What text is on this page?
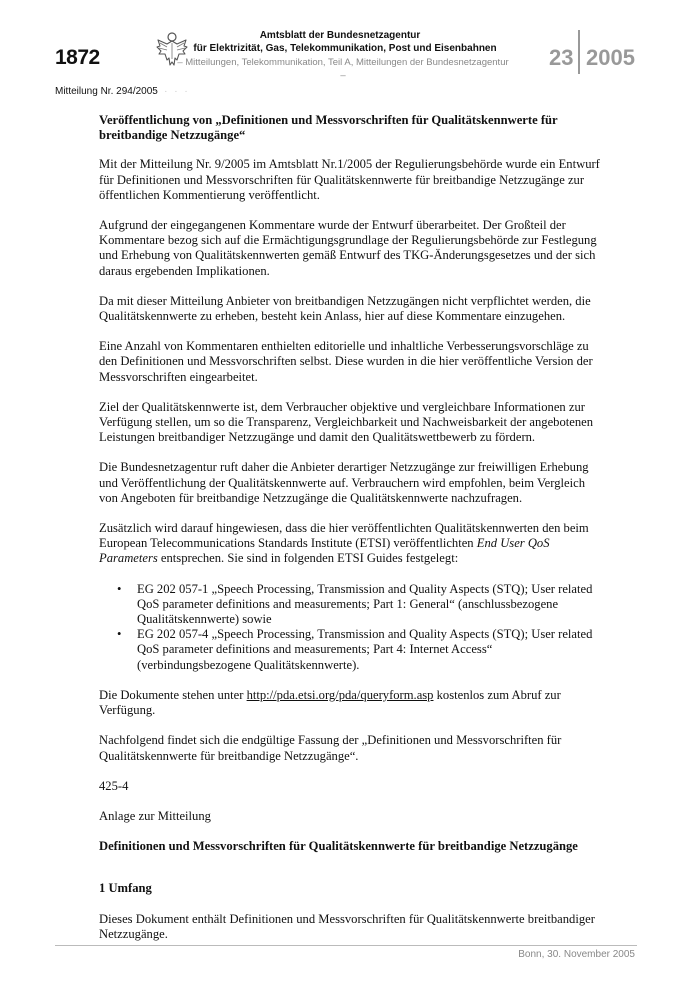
1872
Amtsblatt der Bundesnetzagentur
für Elektrizität, Gas, Telekommunikation, Post und Eisenbahnen
– Mitteilungen, Telekommunikation, Teil A, Mitteilungen der Bundesnetzagentur –
23 2005
Mitteilung Nr. 294/2005
· · · ·

Veröffentlichung von „Definitionen und Messvorschriften für Qualitätskennwerte für breitbandige Netzzugänge“

Mit der Mitteilung Nr. 9/2005 im Amtsblatt Nr.1/2005 der Regulierungsbehörde wurde ein Entwurf für Definitionen und Messvorschriften für Qualitätskennwerte für breitbandige Netzzugänge zur öffentlichen Kommentierung veröffentlicht.

Aufgrund der eingegangenen Kommentare wurde der Entwurf überarbeitet. Der Großteil der Kommentare bezog sich auf die Ermächtigungsgrundlage der Regulierungsbehörde zur Festlegung und Erhebung von Qualitätskennwerten gemäß Entwurf des TKG-Änderungsgesetzes und der sich daraus ergebenden Implikationen.

Da mit dieser Mitteilung Anbieter von breitbandigen Netzzugängen nicht verpflichtet werden, die Qualitätskennwerte zu erheben, besteht kein Anlass, hier auf diese Kommentare einzugehen.

Eine Anzahl von Kommentaren enthielten editorielle und inhaltliche Verbesserungsvorschläge zu den Definitionen und Messvorschriften selbst. Diese wurden in die hier veröffentliche Version der Messvorschriften eingearbeitet.

Ziel der Qualitätskennwerte ist, dem Verbraucher objektive und vergleichbare Informationen zur Verfügung stellen, um so die Transparenz, Vergleichbarkeit und Nachweisbarkeit der angebotenen Leistungen breitbandiger Netzzugänge und damit den Qualitätswettbewerb zu fördern.

Die Bundesnetzagentur ruft daher die Anbieter derartiger Netzzugänge zur freiwilligen Erhebung und Veröffentlichung der Qualitätskennwerte auf. Verbrauchern wird empfohlen, beim Vergleich von Angeboten für breitbandige Netzzugänge die Qualitätskennwerte nachzufragen.

Zusätzlich wird darauf hingewiesen, dass die hier veröffentlichten Qualitätskennwerten den beim European Telecommunications Standards Institute (ETSI) veröffentlichten End User QoS Parameters entsprechen. Sie sind in folgenden ETSI Guides festgelegt:

• EG 202 057-1 „Speech Processing, Transmission and Quality Aspects (STQ); User related QoS parameter definitions and measurements; Part 1: General“ (anschlussbezogene Qualitätskennwerte) sowie
• EG 202 057-4 „Speech Processing, Transmission and Quality Aspects (STQ); User related QoS parameter definitions and measurements; Part 4: Internet Access“ (verbindungsbezogene Qualitätskennwerte).

Die Dokumente stehen unter http://pda.etsi.org/pda/queryform.asp kostenlos zum Abruf zur Verfügung.

Nachfolgend findet sich die endgültige Fassung der „Definitionen und Messvorschriften für Qualitätskennwerte für breitbandige Netzzugänge“.

425-4

Anlage zur Mitteilung

Definitionen und Messvorschriften für Qualitätskennwerte für breitbandige Netzzugänge

1 Umfang

Dieses Dokument enthält Definitionen und Messvorschriften für Qualitätskennwerte breitbandiger Netzzugänge.

Bonn, 30. November 2005
